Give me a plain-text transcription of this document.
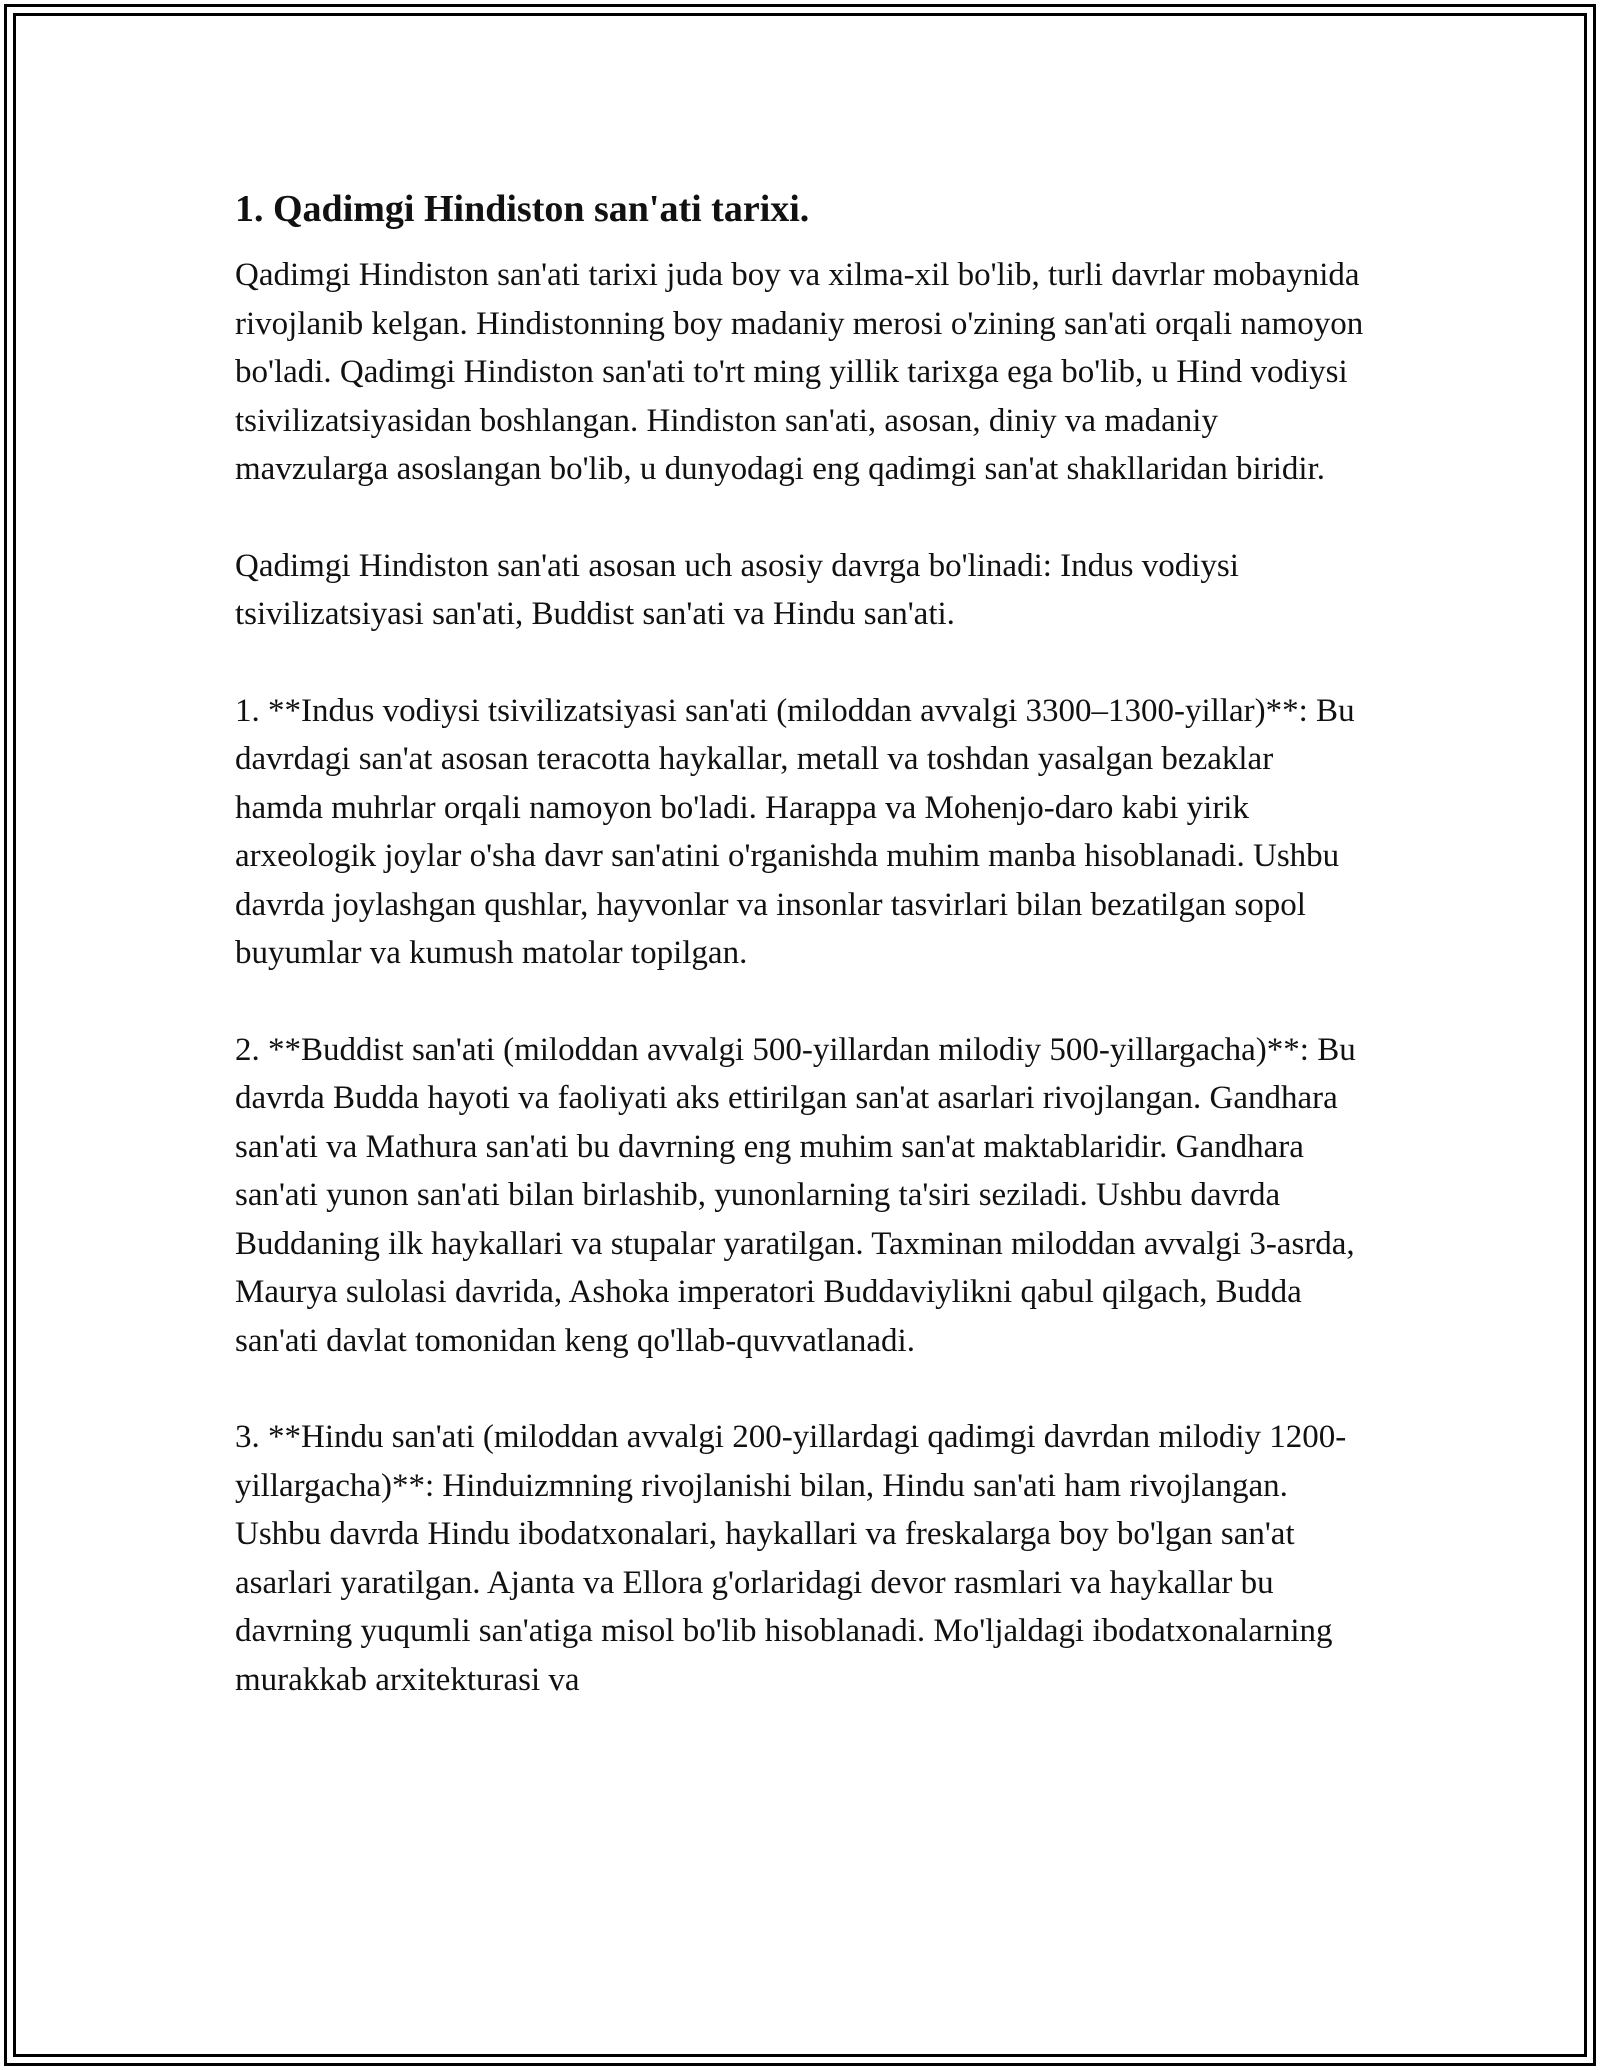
1. Qadimgi Hindiston san'ati tarixi.

Qadimgi Hindiston san'ati tarixi juda boy va xilma-xil bo'lib, turli davrlar mobaynida rivojlanib kelgan. Hindistonning boy madaniy merosi o'zining san'ati orqali namoyon bo'ladi. Qadimgi Hindiston san'ati to'rt ming yillik tarixga ega bo'lib, u Hind vodiysi tsivilizatsiyasidan boshlangan. Hindiston san'ati, asosan, diniy va madaniy mavzularga asoslangan bo'lib, u dunyodagi eng qadimgi san'at shakllaridan biridir.

Qadimgi Hindiston san'ati asosan uch asosiy davrga bo'linadi: Indus vodiysi tsivilizatsiyasi san'ati, Buddist san'ati va Hindu san'ati.

1. **Indus vodiysi tsivilizatsiyasi san'ati (miloddan avvalgi 3300–1300-yillar)**: Bu davrdagi san'at asosan teracotta haykallar, metall va toshdan yasalgan bezaklar hamda muhrlar orqali namoyon bo'ladi. Harappa va Mohenjo-daro kabi yirik arxeologik joylar o'sha davr san'atini o'rganishda muhim manba hisoblanadi. Ushbu davrda joylashgan qushlar, hayvonlar va insonlar tasvirlari bilan bezatilgan sopol buyumlar va kumush matolar topilgan.

2. **Buddist san'ati (miloddan avvalgi 500-yillardan milodiy 500-yillargacha)**: Bu davrda Budda hayoti va faoliyati aks ettirilgan san'at asarlari rivojlangan. Gandhara san'ati va Mathura san'ati bu davrning eng muhim san'at maktablaridir. Gandhara san'ati yunon san'ati bilan birlashib, yunonlarning ta'siri seziladi. Ushbu davrda Buddaning ilk haykallari va stupalar yaratilgan. Taxminan miloddan avvalgi 3-asrda, Maurya sulolasi davrida, Ashoka imperatori Buddaviylikni qabul qilgach, Budda san'ati davlat tomonidan keng qo'llab-quvvatlanadi.

3. **Hindu san'ati (miloddan avvalgi 200-yillardagi qadimgi davrdan milodiy 1200-yillargacha)**: Hinduizmning rivojlanishi bilan, Hindu san'ati ham rivojlangan. Ushbu davrda Hindu ibodatxonalari, haykallari va freskalarga boy bo'lgan san'at asarlari yaratilgan. Ajanta va Ellora g'orlaridagi devor rasmlari va haykallar bu davrning yuqumli san'atiga misol bo'lib hisoblanadi. Mo'ljaldagi ibodatxonalarning murakkab arxitekturasi va
